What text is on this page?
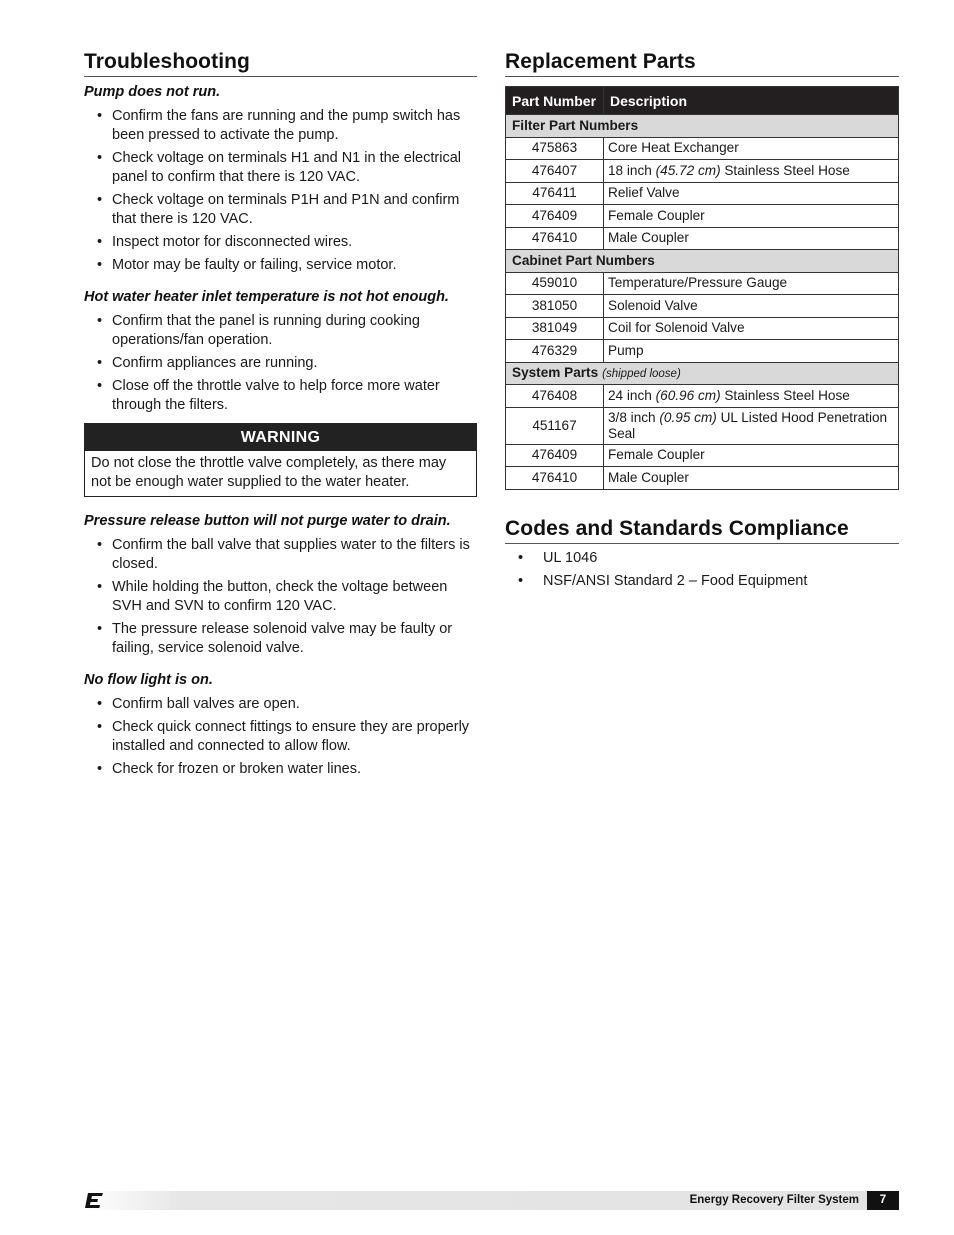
Troubleshooting

Pump does not run.

• Confirm the fans are running and the pump switch has been pressed to activate the pump.
• Check voltage on terminals H1 and N1 in the electrical panel to confirm that there is 120 VAC.
• Check voltage on terminals P1H and P1N and confirm that there is 120 VAC.
• Inspect motor for disconnected wires.
• Motor may be faulty or failing, service motor.

Hot water heater inlet temperature is not hot enough.

• Confirm that the panel is running during cooking operations/fan operation.
• Confirm appliances are running.
• Close off the throttle valve to help force more water through the filters.
WARNING
Do not close the throttle valve completely, as there may not be enough water supplied to the water heater.

Pressure release button will not purge water to drain.

• Confirm the ball valve that supplies water to the filters is closed.
• While holding the button, check the voltage between SVH and SVN to confirm 120 VAC.
• The pressure release solenoid valve may be faulty or failing, service solenoid valve.

No flow light is on.

• Confirm ball valves are open.
• Check quick connect fittings to ensure they are properly installed and connected to allow flow.
• Check for frozen or broken water lines.
Replacement Parts
Part Number	Description
Filter Part Numbers	
475863	Core Heat Exchanger
476407	18 inch (45.72 cm) Stainless Steel Hose
476411	Relief Valve
476409	Female Coupler
476410	Male Coupler
Cabinet Part Numbers	
459010	Temperature/Pressure Gauge
381050	Solenoid Valve
381049	Coil for Solenoid Valve
476329	Pump
System Parts (shipped loose)	
476408	24 inch (60.96 cm) Stainless Steel Hose
451167	3/8 inch (0.95 cm) UL Listed Hood Penetration Seal
476409	Female Coupler
476410	Male Coupler
Codes and Standards Compliance
• UL 1046
• NSF/ANSI Standard 2 – Food Equipment
Energy Recovery Filter System	7
